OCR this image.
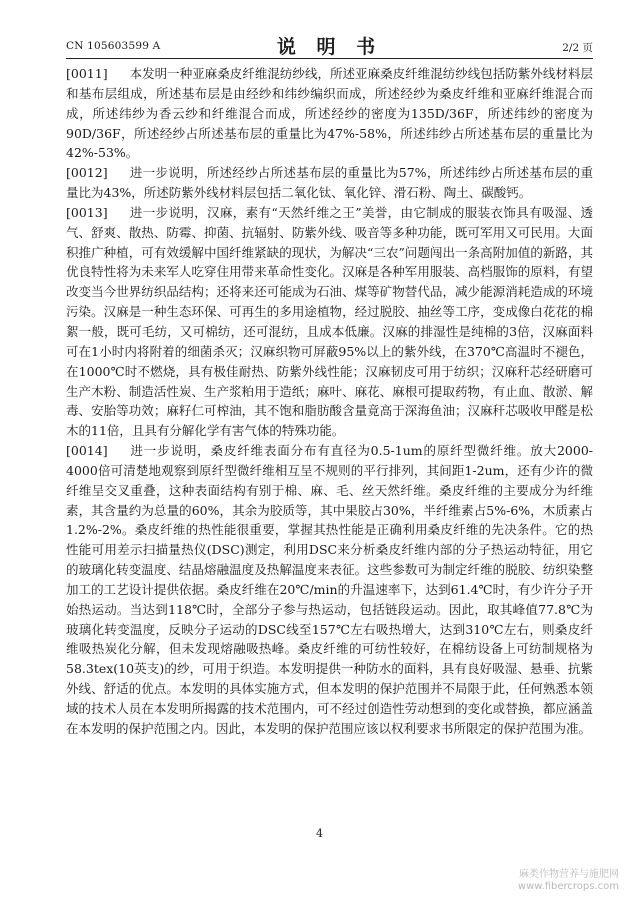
CN 105603599 A	说 明 书	2/2 页

[0011] 本发明一种亚麻桑皮纤维混纺纱线，所述亚麻桑皮纤维混纺纱线包括防紫外线材料层和基布层组成，所述基布层是由经纱和纬纱编织而成，所述经纱为桑皮纤维和亚麻纤维混合而成，所述纬纱为香云纱和纤维混合而成，所述经纱的密度为135D/36F，所述纬纱的密度为90D/36F，所述经纱占所述基布层的重量比为47%-58%，所述纬纱占所述基布层的重量比为42%-53%。

[0012] 进一步说明，所述经纱占所述基布层的重量比为57%，所述纬纱占所述基布层的重量比为43%，所述防紫外线材料层包括二氧化钛、氧化锌、滑石粉、陶土、碳酸钙。

[0013] 进一步说明，汉麻，素有“天然纤维之王”美誉，由它制成的服装衣饰具有吸湿、透气、舒爽、散热、防霉、抑菌、抗辐射、防紫外线、吸音等多种功能，既可军用又可民用。大面积推广种植，可有效缓解中国纤维紧缺的现状，为解决“三农”问题闯出一条高附加值的新路，其优良特性将为未来军人吃穿住用带来革命性变化。汉麻是各种军用服装、高档服饰的原料，有望改变当今世界纺织品结构；还将来还可能成为石油、煤等矿物替代品，减少能源消耗造成的环境污染。汉麻是一种生态环保、可再生的多用途植物，经过脱胶、抽丝等工序，变成像白花花的棉絮一般，既可毛纺，又可棉纺，还可混纺，且成本低廉。汉麻的排湿性是纯棉的3倍，汉麻面料可在1小时内将附着的细菌杀灭；汉麻织物可屏蔽95%以上的紫外线，在370℃高温时不褪色，在1000℃时不燃烧，具有极佳耐热、防紫外线性能；汉麻韧皮可用于纺织；汉麻秆芯经研磨可生产木粉、制造活性炭、生产浆粕用于造纸；麻叶、麻花、麻根可提取药物，有止血、散淤、解毒、安胎等功效；麻籽仁可榨油，其不饱和脂肪酸含量竟高于深海鱼油；汉麻秆芯吸收甲醛是松木的11倍，且具有分解化学有害气体的特殊功能。

[0014] 进一步说明，桑皮纤维表面分布有直径为0.5-1um的原纤型微纤维。放大2000-4000倍可清楚地观察到原纤型微纤维相互呈不规则的平行排列，其间距1-2um，还有少许的微纤维呈交叉重叠，这种表面结构有别于棉、麻、毛、丝天然纤维。桑皮纤维的主要成分为纤维素，其含量约为总量的60%，其余为胶质等，其中果胶占30%，半纤维素占5%-6%，木质素占1.2%-2%。桑皮纤维的热性能很重要，掌握其热性能是正确利用桑皮纤维的先决条件。它的热性能可用差示扫描量热仪(DSC)测定，利用DSC来分析桑皮纤维内部的分子热运动特征，用它的玻璃化转变温度、结晶熔融温度及热解温度来表征。这些参数可为制定纤维的脱胶、纺织染整加工的工艺设计提供依据。桑皮纤维在20℃/min的升温速率下，达到61.4℃时，有少许分子开始热运动。当达到118℃时，全部分子参与热运动，包括链段运动。因此，取其峰值77.8℃为玻璃化转变温度，反映分子运动的DSC线至157℃左右吸热增大，达到310℃左右，则桑皮纤维吸热炭化分解，但未发现熔融吸热峰。桑皮纤维的可纺性较好，在棉纺设备上可纺制规格为58.3tex(10英支)的纱，可用于织造。本发明提供一种防水的面料，具有良好吸湿、悬垂、抗紫外线、舒适的优点。本发明的具体实施方式，但本发明的保护范围并不局限于此，任何熟悉本领域的技术人员在本发明所揭露的技术范围内，可不经过创造性劳动想到的变化或替换，都应涵盖在本发明的保护范围之内。因此，本发明的保护范围应该以权利要求书所限定的保护范围为准。

4
麻类作物营养与施肥网
www.fibercrops.com
